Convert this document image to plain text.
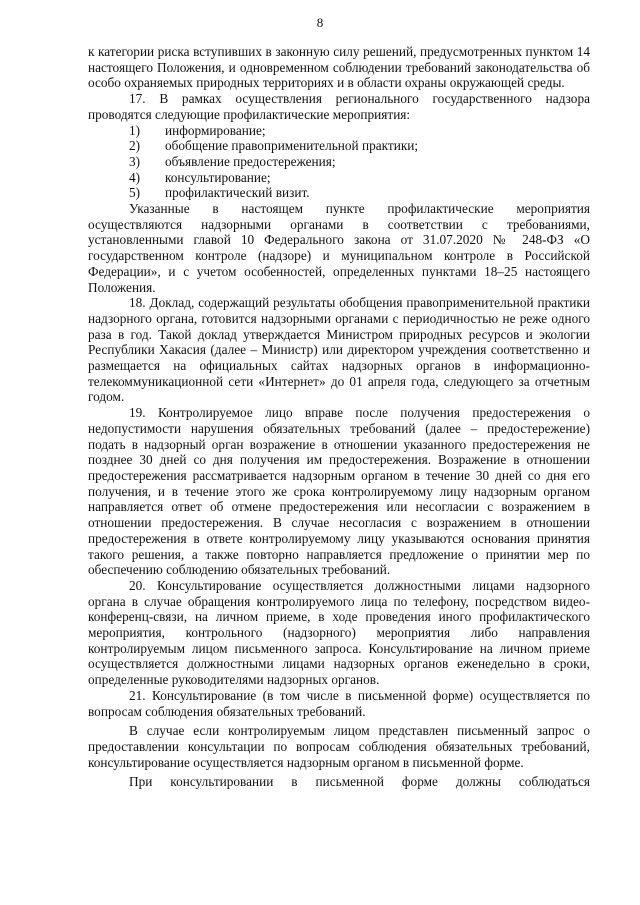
8

к категории риска вступивших в законную силу решений, предусмотренных пунктом 14 настоящего Положения, и одновременном соблюдении требований законодательства об особо охраняемых природных территориях и в области охраны окружающей среды.

17. В рамках осуществления регионального государственного надзора проводятся следующие профилактические мероприятия:

1)	информирование;
2)	обобщение правоприменительной практики;
3)	объявление предостережения;
4)	консультирование;
5)	профилактический визит.

Указанные в настоящем пункте профилактические мероприятия осуществляются надзорными органами в соответствии с требованиями, установленными главой 10 Федерального закона от 31.07.2020 № 248-ФЗ «О государственном контроле (надзоре) и муниципальном контроле в Российской Федерации», и с учетом особенностей, определенных пунктами 18–25 настоящего Положения.

18. Доклад, содержащий результаты обобщения правоприменительной практики надзорного органа, готовится надзорными органами с периодичностью не реже одного раза в год. Такой доклад утверждается Министром природных ресурсов и экологии Республики Хакасия (далее – Министр) или директором учреждения соответственно и размещается на официальных сайтах надзорных органов в информационно-телекоммуникационной сети «Интернет» до 01 апреля года, следующего за отчетным годом.

19. Контролируемое лицо вправе после получения предостережения о недопустимости нарушения обязательных требований (далее – предостережение) подать в надзорный орган возражение в отношении указанного предостережения не позднее 30 дней со дня получения им предостережения. Возражение в отношении предостережения рассматривается надзорным органом в течение 30 дней со дня его получения, и в течение этого же срока контролируемому лицу надзорным органом направляется ответ об отмене предостережения или несогласии с возражением в отношении предостережения. В случае несогласия с возражением в отношении предостережения в ответе контролируемому лицу указываются основания принятия такого решения, а также повторно направляется предложение о принятии мер по обеспечению соблюдению обязательных требований.

20. Консультирование осуществляется должностными лицами надзорного органа в случае обращения контролируемого лица по телефону, посредством видео-конференц-связи, на личном приеме, в ходе проведения иного профилактического мероприятия, контрольного (надзорного) мероприятия либо направления контролируемым лицом письменного запроса. Консультирование на личном приеме осуществляется должностными лицами надзорных органов еженедельно в сроки, определенные руководителями надзорных органов.

21. Консультирование (в том числе в письменной форме) осуществляется по вопросам соблюдения обязательных требований.

В случае если контролируемым лицом представлен письменный запрос о предоставлении консультации по вопросам соблюдения обязательных требований, консультирование осуществляется надзорным органом в письменной форме.

При консультировании в письменной форме должны соблюдаться
